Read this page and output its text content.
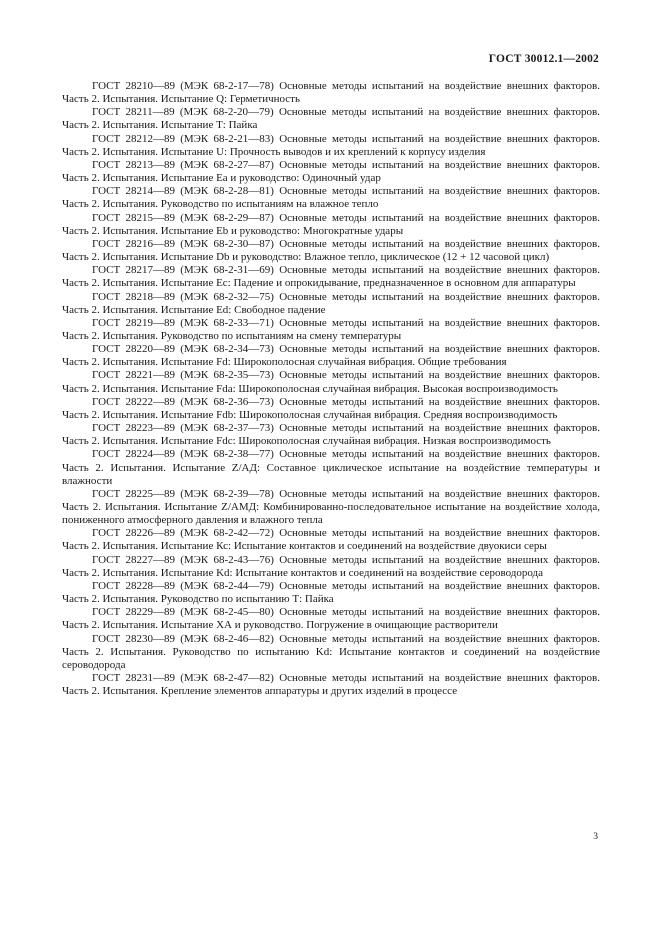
ГОСТ 30012.1—2002

ГОСТ 28210—89 (МЭК 68-2-17—78) Основные методы испытаний на воздействие внешних факторов. Часть 2. Испытания. Испытание Q: Герметичность

ГОСТ 28211—89 (МЭК 68-2-20—79) Основные методы испытаний на воздействие внешних факторов. Часть 2. Испытания. Испытание Т: Пайка

ГОСТ 28212—89 (МЭК 68-2-21—83) Основные методы испытаний на воздействие внешних факторов. Часть 2. Испытания. Испытание U: Прочность выводов и их креплений к корпусу изделия

ГОСТ 28213—89 (МЭК 68-2-27—87) Основные методы испытаний на воздействие внешних факторов. Часть 2. Испытания. Испытание Еа и руководство: Одиночный удар

ГОСТ 28214—89 (МЭК 68-2-28—81) Основные методы испытаний на воздействие внешних факторов. Часть 2. Испытания. Руководство по испытаниям на влажное тепло

ГОСТ 28215—89 (МЭК 68-2-29—87) Основные методы испытаний на воздействие внешних факторов. Часть 2. Испытания. Испытание Eb и руководство: Многократные удары

ГОСТ 28216—89 (МЭК 68-2-30—87) Основные методы испытаний на воздействие внешних факторов. Часть 2. Испытания. Испытание Db и руководство: Влажное тепло, циклическое (12 + 12 часовой цикл)

ГОСТ 28217—89 (МЭК 68-2-31—69) Основные методы испытаний на воздействие внешних факторов. Часть 2. Испытания. Испытание Ec: Падение и опрокидывание, предназначенное в основном для аппаратуры

ГОСТ 28218—89 (МЭК 68-2-32—75) Основные методы испытаний на воздействие внешних факторов. Часть 2. Испытания. Испытание Ed: Свободное падение

ГОСТ 28219—89 (МЭК 68-2-33—71) Основные методы испытаний на воздействие внешних факторов. Часть 2. Испытания. Руководство по испытаниям на смену температуры

ГОСТ 28220—89 (МЭК 68-2-34—73) Основные методы испытаний на воздействие внешних факторов. Часть 2. Испытания. Испытание Fd: Широкополосная случайная вибрация. Общие требования

ГОСТ 28221—89 (МЭК 68-2-35—73) Основные методы испытаний на воздействие внешних факторов. Часть 2. Испытания. Испытание Fda: Широкополосная случайная вибрация. Высокая воспроизводимость

ГОСТ 28222—89 (МЭК 68-2-36—73) Основные методы испытаний на воздействие внешних факторов. Часть 2. Испытания. Испытание Fdb: Широкополосная случайная вибрация. Средняя воспроизводимость

ГОСТ 28223—89 (МЭК 68-2-37—73) Основные методы испытаний на воздействие внешних факторов. Часть 2. Испытания. Испытание Fdc: Широкополосная случайная вибрация. Низкая воспроизводимость

ГОСТ 28224—89 (МЭК 68-2-38—77) Основные методы испытаний на воздействие внешних факторов. Часть 2. Испытания. Испытание Z/АД: Составное циклическое испытание на воздействие температуры и влажности

ГОСТ 28225—89 (МЭК 68-2-39—78) Основные методы испытаний на воздействие внешних факторов. Часть 2. Испытания. Испытание Z/АМД: Комбинированно-последовательное испытание на воздействие холода, пониженного атмосферного давления и влажного тепла

ГОСТ 28226—89 (МЭК 68-2-42—72) Основные методы испытаний на воздействие внешних факторов. Часть 2. Испытания. Испытание Кс: Испытание контактов и соединений на воздействие двуокиси серы

ГОСТ 28227—89 (МЭК 68-2-43—76) Основные методы испытаний на воздействие внешних факторов. Часть 2. Испытания. Испытание Kd: Испытание контактов и соединений на воздействие сероводорода

ГОСТ 28228—89 (МЭК 68-2-44—79) Основные методы испытаний на воздействие внешних факторов. Часть 2. Испытания. Руководство по испытанию Т: Пайка

ГОСТ 28229—89 (МЭК 68-2-45—80) Основные методы испытаний на воздействие внешних факторов. Часть 2. Испытания. Испытание ХА и руководство. Погружение в очищающие растворители

ГОСТ 28230—89 (МЭК 68-2-46—82) Основные методы испытаний на воздействие внешних факторов. Часть 2. Испытания. Руководство по испытанию Kd: Испытание контактов и соединений на воздействие сероводорода

ГОСТ 28231—89 (МЭК 68-2-47—82) Основные методы испытаний на воздействие внешних факторов. Часть 2. Испытания. Крепление элементов аппаратуры и других изделий в процессе

3
